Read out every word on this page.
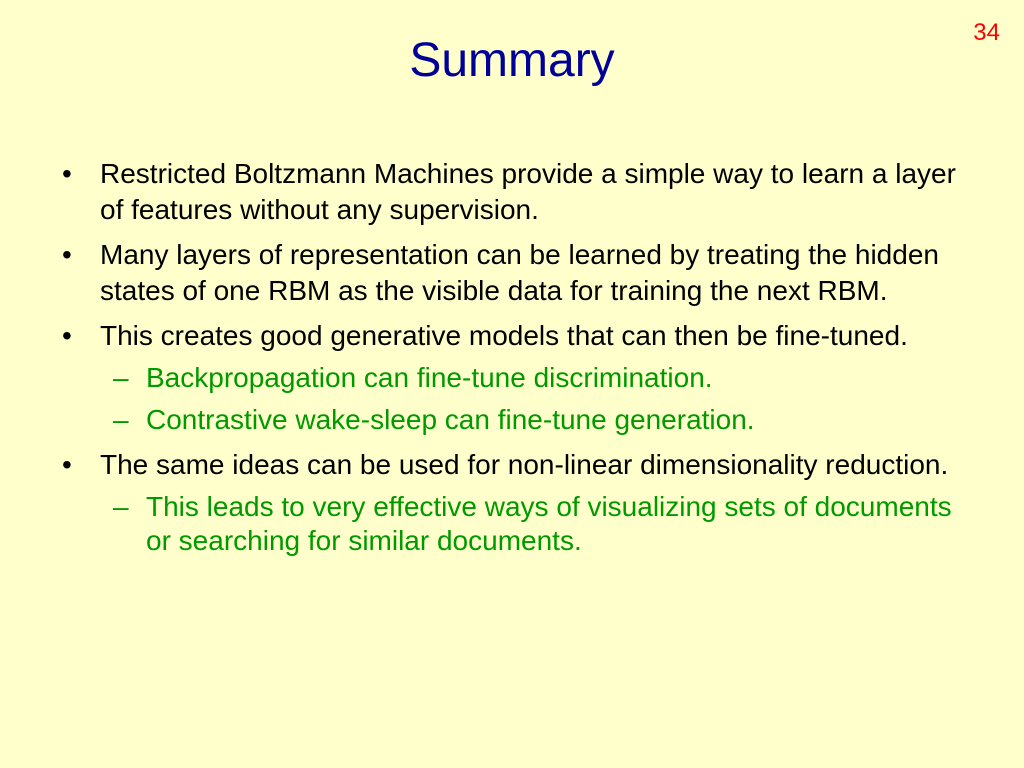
34
Summary
• Restricted Boltzmann Machines provide a simple way to learn a layer of features without any supervision.
• Many layers of representation can be learned by treating the hidden states of one RBM as the visible data for training the next RBM.
• This creates good generative models that can then be fine-tuned.
– Backpropagation can fine-tune discrimination.
– Contrastive wake-sleep can fine-tune generation.
• The same ideas can be used for non-linear dimensionality reduction.
– This leads to very effective ways of visualizing sets of documents or searching for similar documents.
